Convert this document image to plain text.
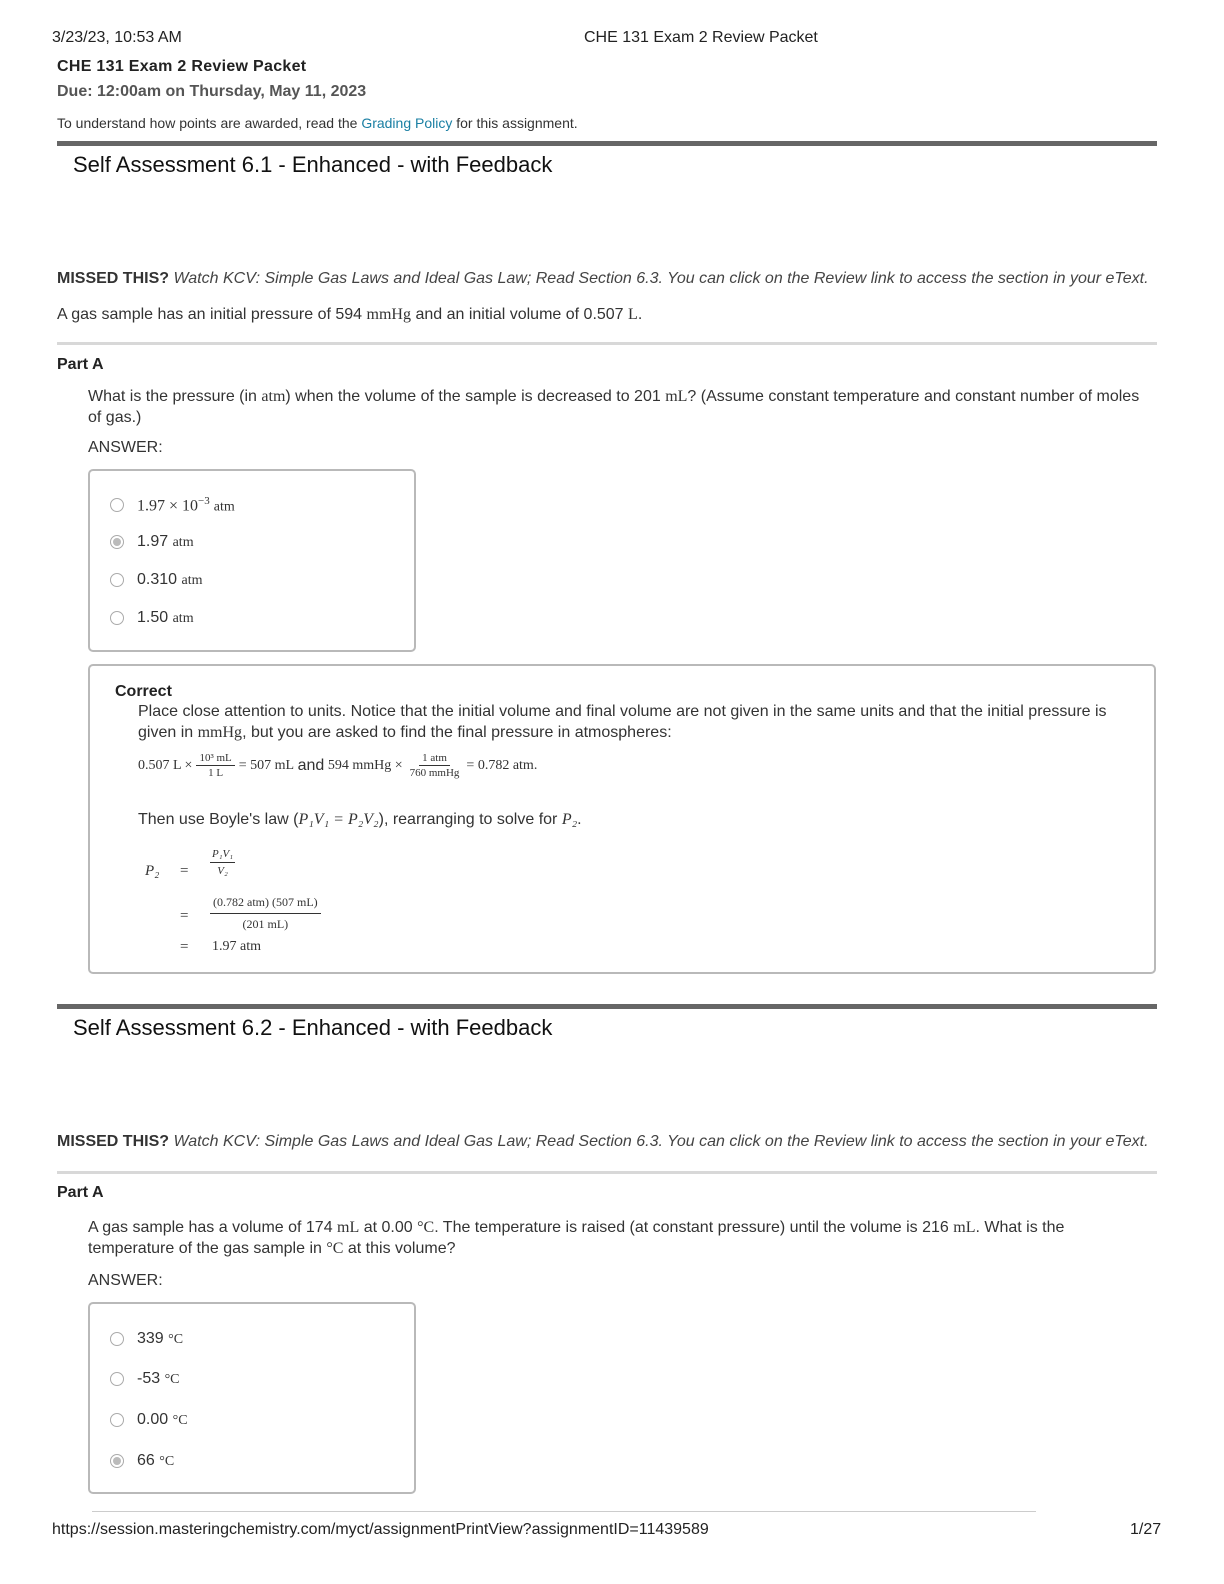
3/23/23, 10:53 AM	CHE 131 Exam 2 Review Packet
CHE 131 Exam 2 Review Packet
Due: 12:00am on Thursday, May 11, 2023
To understand how points are awarded, read the Grading Policy for this assignment.
Self Assessment 6.1 - Enhanced - with Feedback
MISSED THIS? Watch KCV: Simple Gas Laws and Ideal Gas Law; Read Section 6.3. You can click on the Review link to access the section in your eText.
A gas sample has an initial pressure of 594 mmHg and an initial volume of 0.507 L.
Part A
What is the pressure (in atm) when the volume of the sample is decreased to 201 mL? (Assume constant temperature and constant number of moles of gas.)
ANSWER:
$1.97 \times 10^{-3}$ atm
1.97 atm
0.310 atm
1.50 atm
Correct
Place close attention to units. Notice that the initial volume and final volume are not given in the same units and that the initial pressure is given in mmHg, but you are asked to find the final pressure in atmospheres:
0.507 $L \times \frac{\text{10³ mL}}{1 L} = 507$ mL
and
594 mmHg × $\frac{\text{1 atm}}{\text{760 mmHg}} = 0.782$ atm .
Then use Boyle's law (P₁V₁ = P₂V₂), rearranging to solve for P₂.
P₂ =
P₁V₁
V₂
=
(0.782 atm) (507 mL)
(201 mL)
= 1.97 atm
Self Assessment 6.2 - Enhanced - with Feedback
MISSED THIS? Watch KCV: Simple Gas Laws and Ideal Gas Law; Read Section 6.3. You can click on the Review link to access the section in your eText.
Part A
A gas sample has a volume of 174 mL at 0.00 °C. The temperature is raised (at constant pressure) until the volume is 216 mL. What is the temperature of the gas sample in °C at this volume?
ANSWER:
339 °C
-53 °C
0.00 °C
66 °C
https://session.masteringchemistry.com/myct/assignmentPrintView?assignmentID=11439589	1/27
